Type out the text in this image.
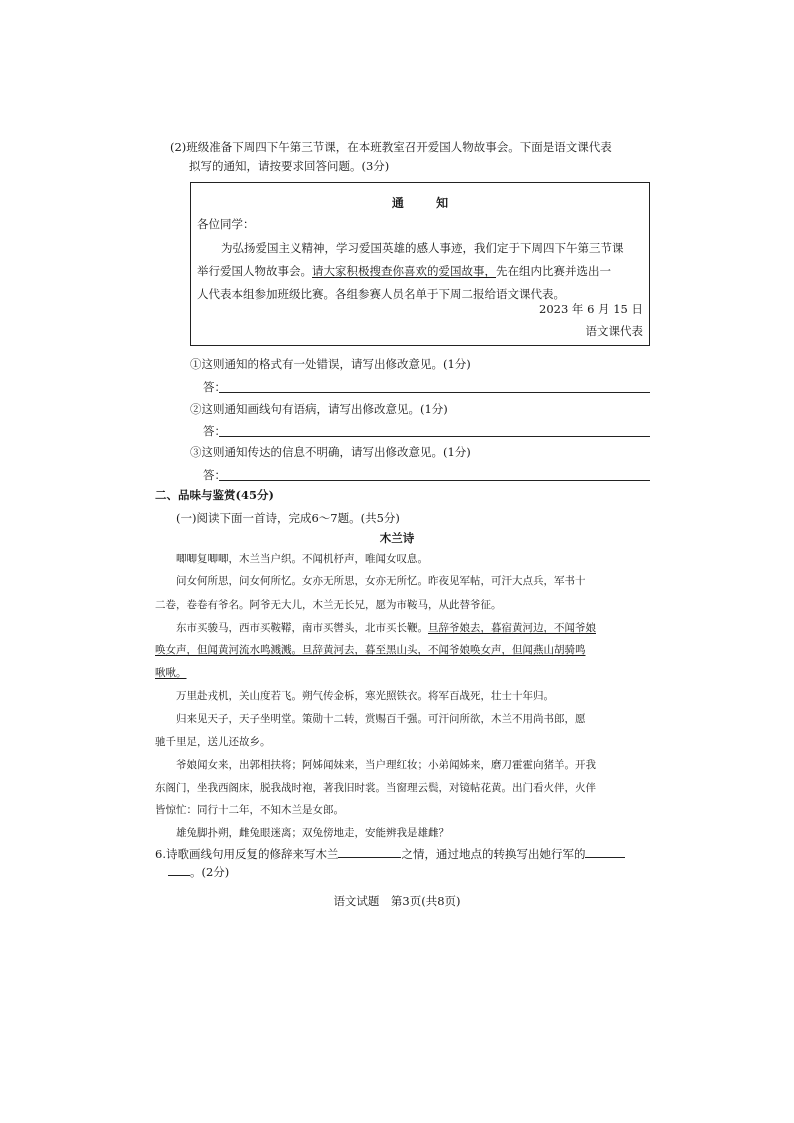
(2)班级准备下周四下午第三节课，在本班教室召开爱国人物故事会。下面是语文课代表
拟写的通知，请按要求回答问题。(3分)
通 知
各位同学：
为弘扬爱国主义精神，学习爱国英雄的感人事迹，我们定于下周四下午第三节课
举行爱国人物故事会。请大家积极搜查你喜欢的爱国故事，先在组内比赛并选出一
人代表本组参加班级比赛。各组参赛人员名单于下周二报给语文课代表。
2023 年 6 月 15 日
语文课代表
①这则通知的格式有一处错误，请写出修改意见。(1分)
答：
②这则通知画线句有语病，请写出修改意见。(1分)
答：
③这则通知传达的信息不明确，请写出修改意见。(1分)
答：
二、品味与鉴赏(45分)
(一)阅读下面一首诗，完成6～7题。(共5分)
木兰诗
唧唧复唧唧，木兰当户织。不闻机杼声，唯闻女叹息。
问女何所思，问女何所忆。女亦无所思，女亦无所忆。昨夜见军帖，可汗大点兵，军书十
二卷，卷卷有爷名。阿爷无大儿，木兰无长兄，愿为市鞍马，从此替爷征。
东市买骏马，西市买鞍鞯，南市买辔头，北市买长鞭。旦辞爷娘去，暮宿黄河边，不闻爷娘
唤女声，但闻黄河流水鸣溅溅。旦辞黄河去，暮至黑山头，不闻爷娘唤女声，但闻燕山胡骑鸣
啾啾。
万里赴戎机，关山度若飞。朔气传金柝，寒光照铁衣。将军百战死，壮士十年归。
归来见天子，天子坐明堂。策勋十二转，赏赐百千强。可汗问所欲，木兰不用尚书郎，愿
驰千里足，送儿还故乡。
爷娘闻女来，出郭相扶将；阿姊闻妹来，当户理红妆；小弟闻姊来，磨刀霍霍向猪羊。开我
东阁门，坐我西阁床，脱我战时袍，著我旧时裳。当窗理云鬓，对镜帖花黄。出门看火伴，火伴
皆惊忙：同行十二年，不知木兰是女郎。
雄兔脚扑朔，雌兔眼迷离；双兔傍地走，安能辨我是雄雌？
6.诗歌画线句用反复的修辞来写木兰	之情，通过地点的转换写出她行军的
。(2分)
语文试题　第3页(共8页)
